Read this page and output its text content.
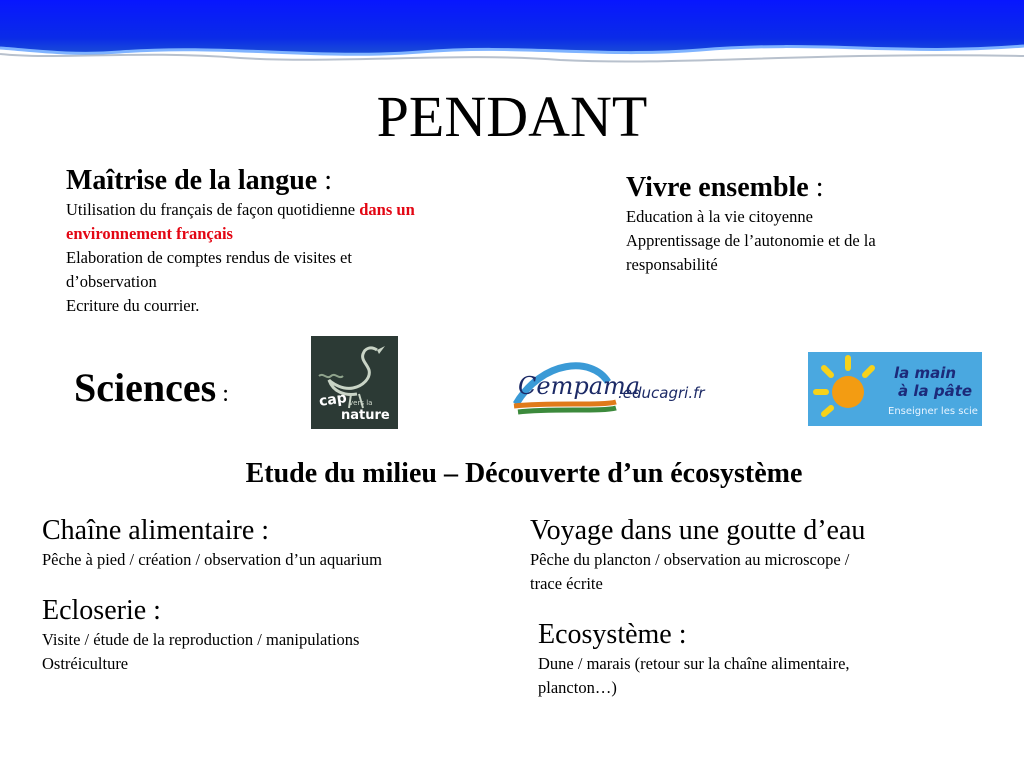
PENDANT
Maîtrise de la langue :
Utilisation du français de façon quotidienne dans un
environnement français
Elaboration de comptes rendus de visites et
d’observation
Ecriture du courrier.
Vivre ensemble :
Education à la vie citoyenne
Apprentissage de l’autonomie et de la
responsabilité
Sciences :	cap vers la
nature
Cempama
.educagri.fr
la main
à la pâte
Enseigner les scie
Etude du milieu – Découverte d’un écosystème
Chaîne alimentaire :
Pêche à pied / création / observation d’un aquarium
Voyage dans une goutte d’eau
Pêche du plancton / observation au microscope /
trace écrite
Ecloserie :
Visite / étude de la reproduction / manipulations
Ostréiculture
Ecosystème :
Dune / marais (retour sur la chaîne alimentaire,
plancton…)
